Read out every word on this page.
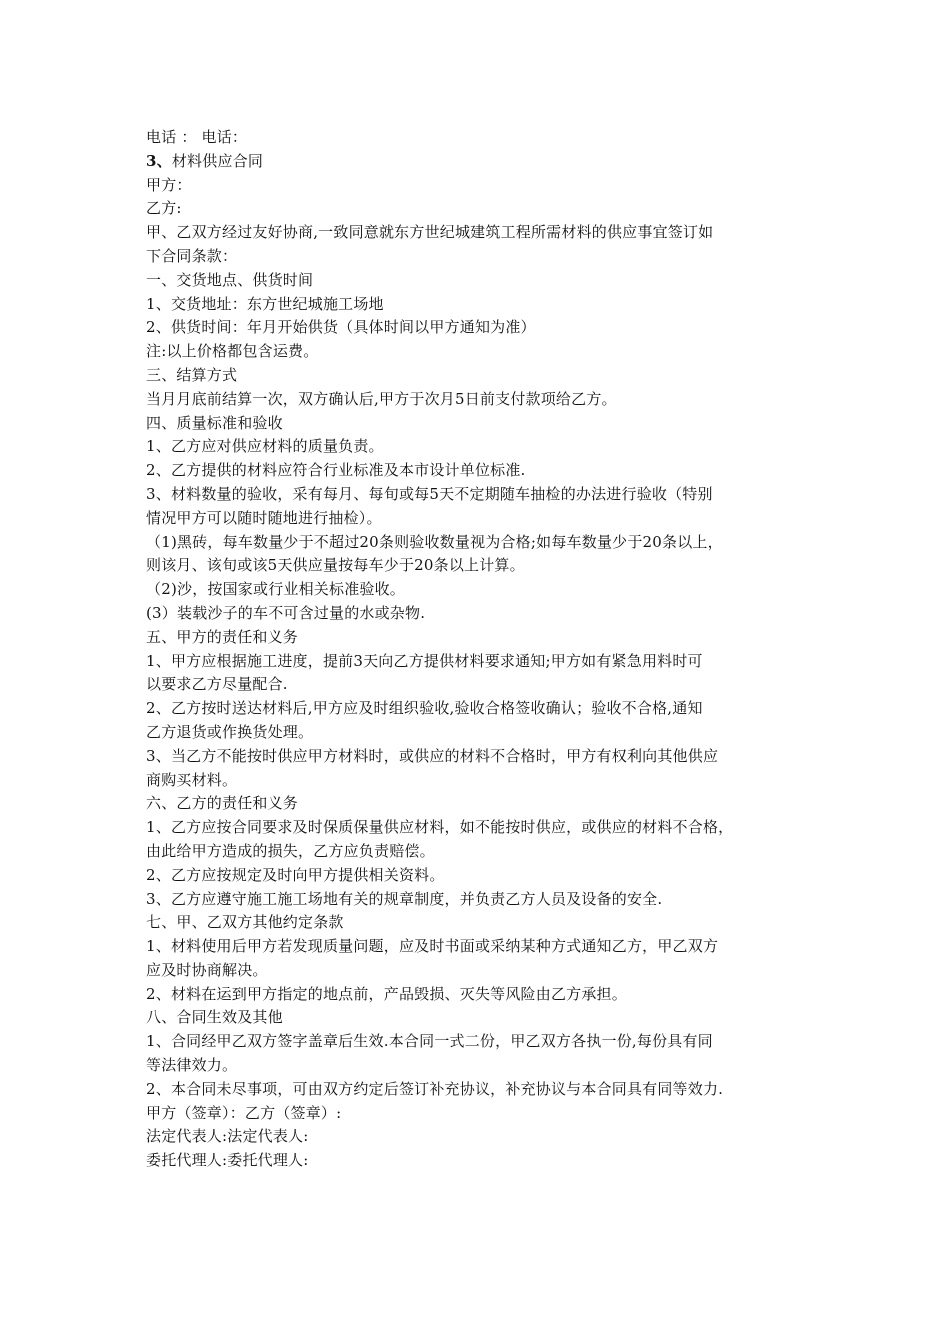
电话 ： 电话：
3、材料供应合同
甲方：
乙方:
甲、乙双方经过友好协商,一致同意就东方世纪城建筑工程所需材料的供应事宜签订如
下合同条款：
一、交货地点、供货时间
1、交货地址：东方世纪城施工场地
2、供货时间：年月开始供货（具体时间以甲方通知为准）
注:以上价格都包含运费。
三、结算方式
当月月底前结算一次，双方确认后,甲方于次月5日前支付款项给乙方。
四、质量标准和验收
1、乙方应对供应材料的质量负责。
2、乙方提供的材料应符合行业标准及本市设计单位标准.
3、材料数量的验收，采有每月、每旬或每5天不定期随车抽检的办法进行验收（特别
情况甲方可以随时随地进行抽检）。
（1)黑砖，每车数量少于不超过20条则验收数量视为合格;如每车数量少于20条以上，
则该月、该旬或该5天供应量按每车少于20条以上计算。
（2)沙，按国家或行业相关标准验收。
(3）装载沙子的车不可含过量的水或杂物.
五、甲方的责任和义务
1、甲方应根据施工进度，提前3天向乙方提供材料要求通知;甲方如有紧急用料时可
以要求乙方尽量配合.
2、乙方按时送达材料后,甲方应及时组织验收,验收合格签收确认；验收不合格,通知
乙方退货或作换货处理。
3、当乙方不能按时供应甲方材料时，或供应的材料不合格时，甲方有权利向其他供应
商购买材料。
六、乙方的责任和义务
1、乙方应按合同要求及时保质保量供应材料，如不能按时供应，或供应的材料不合格，
由此给甲方造成的损失，乙方应负责赔偿。
2、乙方应按规定及时向甲方提供相关资料。
3、乙方应遵守施工施工场地有关的规章制度，并负责乙方人员及设备的安全.
七、甲、乙双方其他约定条款
1、材料使用后甲方若发现质量问题，应及时书面或采纳某种方式通知乙方，甲乙双方
应及时协商解决。
2、材料在运到甲方指定的地点前，产品毁损、灭失等风险由乙方承担。
八、合同生效及其他
1、合同经甲乙双方签字盖章后生效.本合同一式二份，甲乙双方各执一份,每份具有同
等法律效力。
2、本合同未尽事项，可由双方约定后签订补充协议，补充协议与本合同具有同等效力.
甲方（签章）：乙方（签章）:
法定代表人:法定代表人:
委托代理人:委托代理人:
